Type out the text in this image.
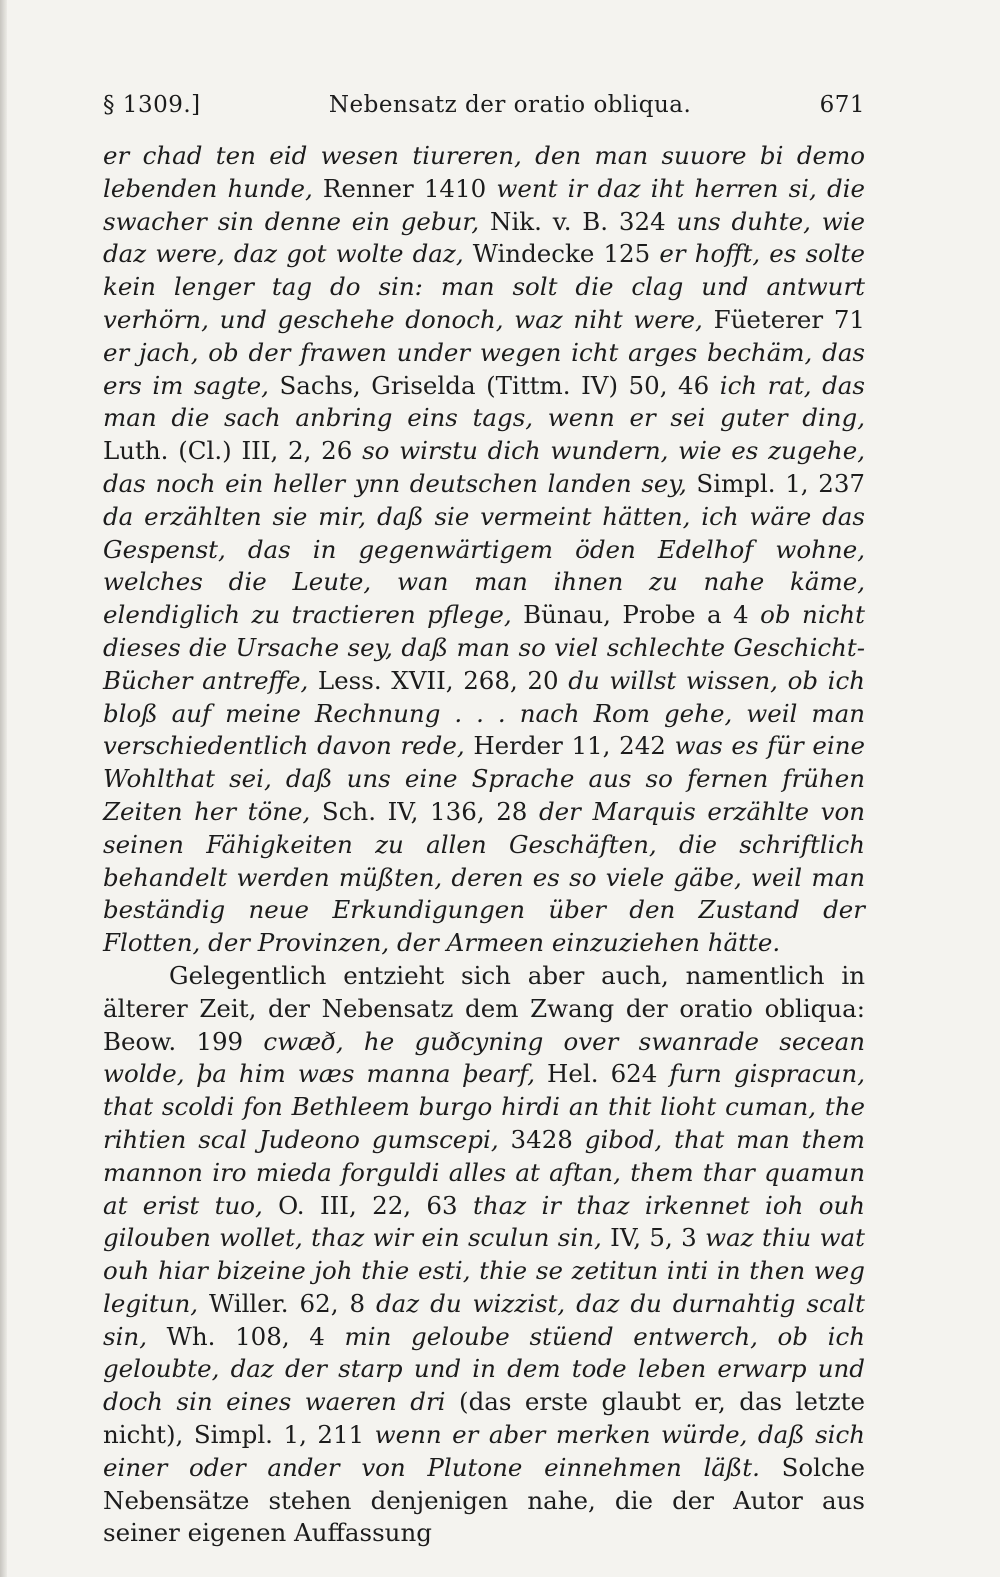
§ 1309.]	Nebensatz der oratio obliqua.	671

er chad ten eid wesen tiureren, den man suuore bi demo lebenden hunde, Renner 1410 went ir daz iht herren si, die swacher sin denne ein gebur, Nik. v. B. 324 uns duhte, wie daz were, daz got wolte daz, Windecke 125 er hofft, es solte kein lenger tag do sin: man solt die clag und antwurt verhörn, und geschehe donoch, waz niht were, Füeterer 71 er jach, ob der frawen under wegen icht arges bechäm, das ers im sagte, Sachs, Griselda (Tittm. IV) 50, 46 ich rat, das man die sach anbring eins tags, wenn er sei guter ding, Luth. (Cl.) III, 2, 26 so wirstu dich wundern, wie es zugehe, das noch ein heller ynn deutschen landen sey, Simpl. 1, 237 da erzählten sie mir, daß sie vermeint hätten, ich wäre das Gespenst, das in gegenwärtigem öden Edelhof wohne, welches die Leute, wan man ihnen zu nahe käme, elendiglich zu tractieren pflege, Bünau, Probe a 4 ob nicht dieses die Ursache sey, daß man so viel schlechte Geschicht-Bücher antreffe, Less. XVII, 268, 20 du willst wissen, ob ich bloß auf meine Rechnung . . . nach Rom gehe, weil man verschiedentlich davon rede, Herder 11, 242 was es für eine Wohlthat sei, daß uns eine Sprache aus so fernen frühen Zeiten her töne, Sch. IV, 136, 28 der Marquis erzählte von seinen Fähigkeiten zu allen Geschäften, die schriftlich behandelt werden müßten, deren es so viele gäbe, weil man beständig neue Erkundigungen über den Zustand der Flotten, der Provinzen, der Armeen einzuziehen hätte.

Gelegentlich entzieht sich aber auch, namentlich in älterer Zeit, der Nebensatz dem Zwang der oratio obliqua: Beow. 199 cwæð, he guðcyning over swanrade secean wolde, þa him wæs manna þearf, Hel. 624 furn gispracun, that scoldi fon Bethleem burgo hirdi an thit lioht cuman, the rihtien scal Judeono gumscepi, 3428 gibod, that man them mannon iro mieda forguldi alles at aftan, them thar quamun at erist tuo, O. III, 22, 63 thaz ir thaz irkennet ioh ouh gilouben wollet, thaz wir ein sculun sin, IV, 5, 3 waz thiu wat ouh hiar bizeine joh thie esti, thie se zetitun inti in then weg legitun, Willer. 62, 8 daz du wizzist, daz du durnahtig scalt sin, Wh. 108, 4 min geloube stüend entwerch, ob ich geloubte, daz der starp und in dem tode leben erwarp und doch sin eines waeren dri (das erste glaubt er, das letzte nicht), Simpl. 1, 211 wenn er aber merken würde, daß sich einer oder ander von Plutone einnehmen läßt. Solche Nebensätze stehen denjenigen nahe, die der Autor aus seiner eigenen Auffassung
